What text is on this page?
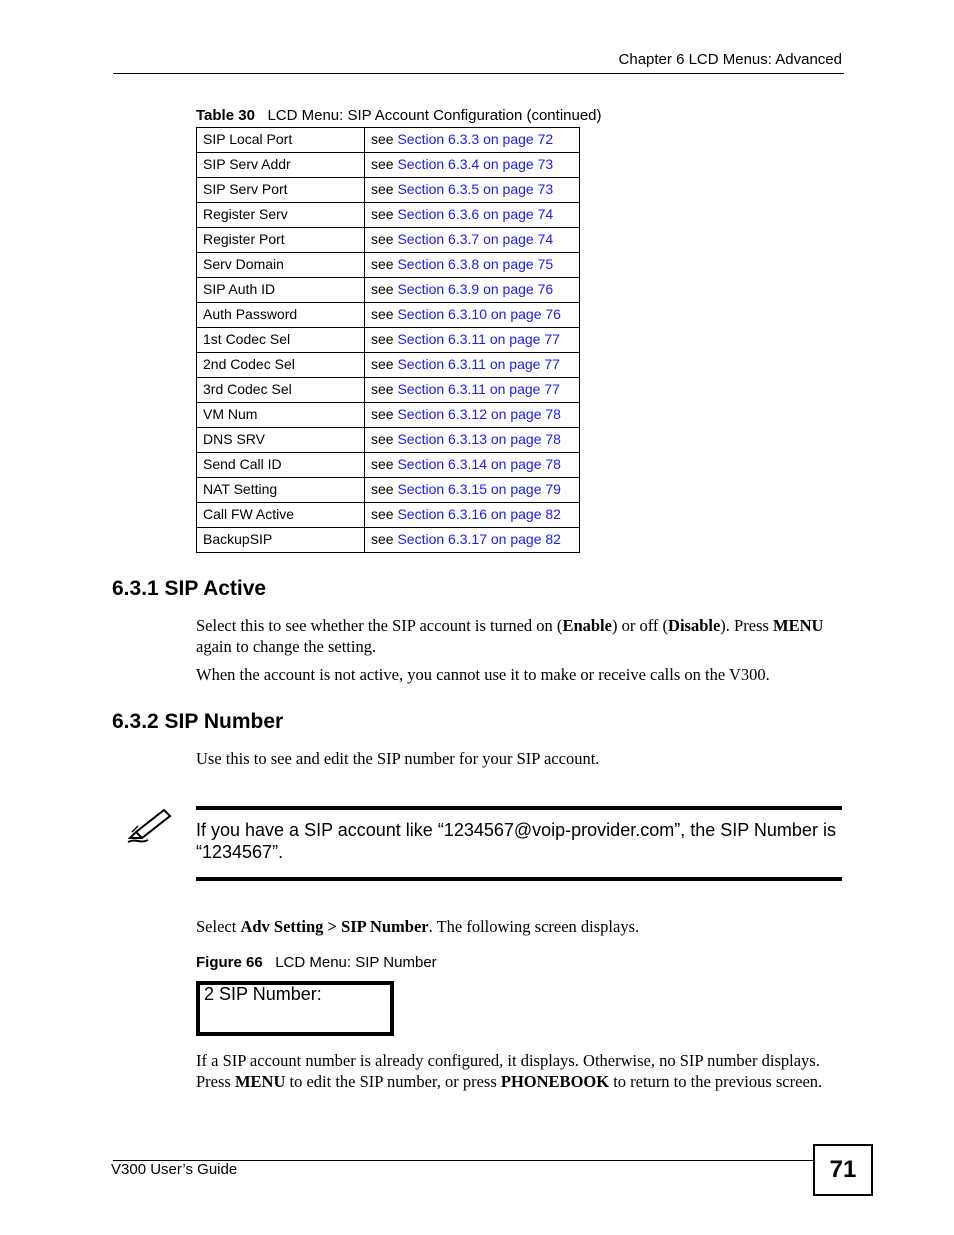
Chapter 6 LCD Menus: Advanced
Table 30 LCD Menu: SIP Account Configuration (continued)
SIP Local Port	see Section 6.3.3 on page 72
SIP Serv Addr	see Section 6.3.4 on page 73
SIP Serv Port	see Section 6.3.5 on page 73
Register Serv	see Section 6.3.6 on page 74
Register Port	see Section 6.3.7 on page 74
Serv Domain	see Section 6.3.8 on page 75
SIP Auth ID	see Section 6.3.9 on page 76
Auth Password	see Section 6.3.10 on page 76
1st Codec Sel	see Section 6.3.11 on page 77
2nd Codec Sel	see Section 6.3.11 on page 77
3rd Codec Sel	see Section 6.3.11 on page 77
VM Num	see Section 6.3.12 on page 78
DNS SRV	see Section 6.3.13 on page 78
Send Call ID	see Section 6.3.14 on page 78
NAT Setting	see Section 6.3.15 on page 79
Call FW Active	see Section 6.3.16 on page 82
BackupSIP	see Section 6.3.17 on page 82
6.3.1 SIP Active

Select this to see whether the SIP account is turned on (Enable) or off (Disable). Press MENU again to change the setting.

When the account is not active, you cannot use it to make or receive calls on the V300.

6.3.2 SIP Number

Use this to see and edit the SIP number for your SIP account.

If you have a SIP account like “1234567@voip-provider.com”, the SIP Number is “1234567”.

Select Adv Setting > SIP Number. The following screen displays.

Figure 66 LCD Menu: SIP Number
2 SIP Number:

If a SIP account number is already configured, it displays. Otherwise, no SIP number displays. Press MENU to edit the SIP number, or press PHONEBOOK to return to the previous screen.

V300 User’s Guide	71
